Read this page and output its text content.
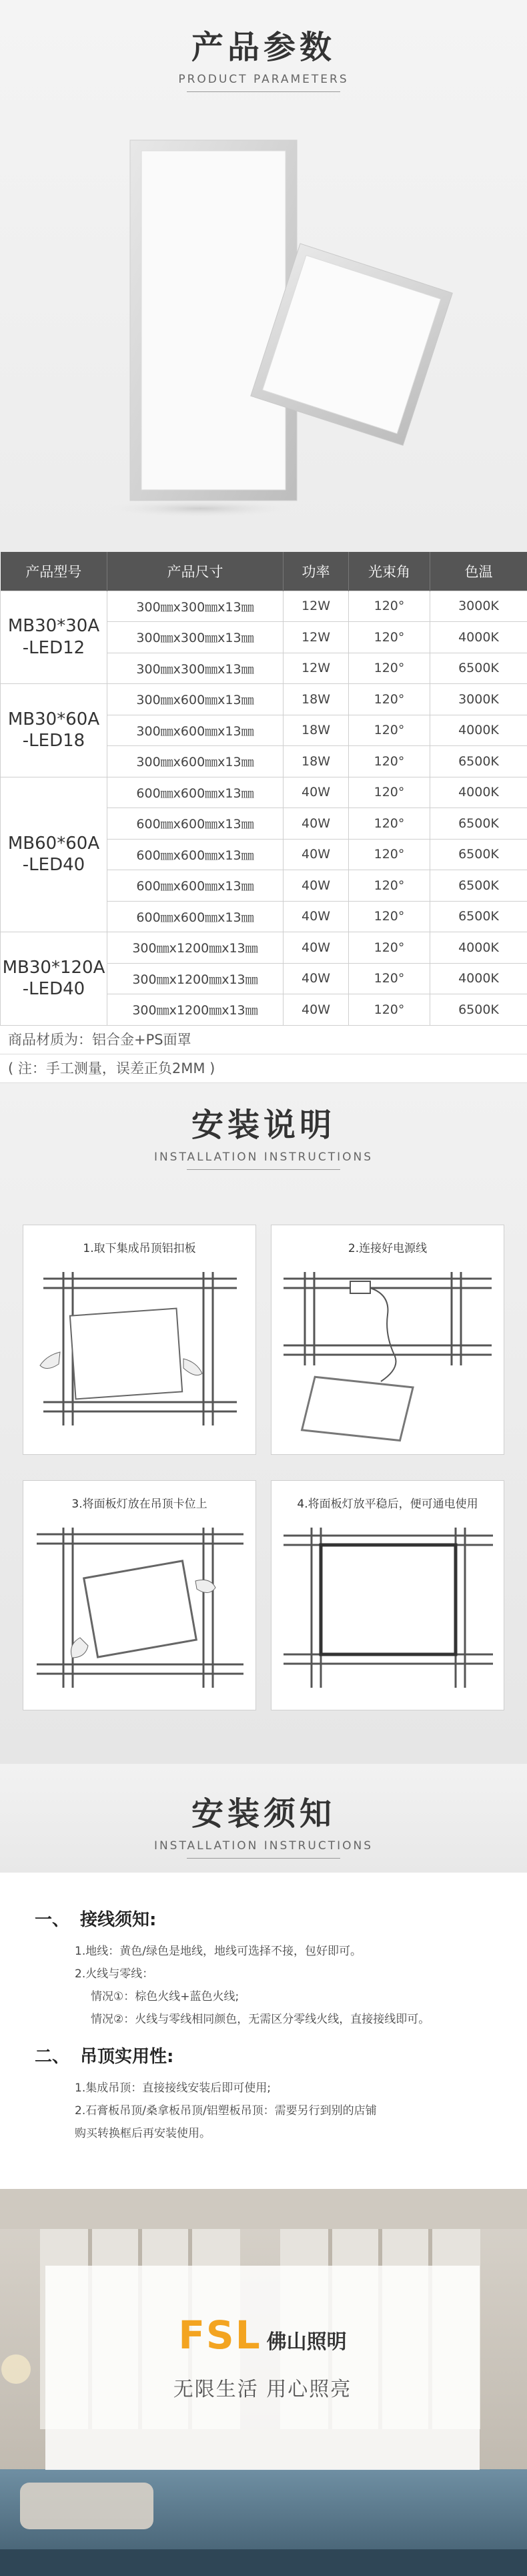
产品参数
PRODUCT PARAMETERS
产品型号	产品尺寸	功率	光束角	色温

MB30*30A
-LED12	300㎜x300㎜x13㎜	12W	120°	3000K
	300㎜x300㎜x13㎜	12W	120°	4000K
	300㎜x300㎜x13㎜	12W	120°	6500K

MB30*60A
-LED18	300㎜x600㎜x13㎜	18W	120°	3000K
	300㎜x600㎜x13㎜	18W	120°	4000K
	300㎜x600㎜x13㎜	18W	120°	6500K

MB60*60A
-LED40	600㎜x600㎜x13㎜	40W	120°	4000K
	600㎜x600㎜x13㎜	40W	120°	6500K
	600㎜x600㎜x13㎜	40W	120°	6500K
	600㎜x600㎜x13㎜	40W	120°	6500K
	600㎜x600㎜x13㎜	40W	120°	6500K

MB30*120A
-LED40	300㎜x1200㎜x13㎜	40W	120°	4000K
	300㎜x1200㎜x13㎜	40W	120°	4000K
	300㎜x1200㎜x13㎜	40W	120°	6500K
商品材质为：铝合金+PS面罩
( 注：手工测量，误差正负2MM )
安装说明
INSTALLATION INSTRUCTIONS
1.取下集成吊顶铝扣板	2.连接好电源线
3.将面板灯放在吊顶卡位上	4.将面板灯放平稳后，便可通电使用
安装须知
INSTALLATION INSTRUCTIONS
一、 接线须知:
1.地线：黄色/绿色是地线，地线可选择不接，包好即可。
2.火线与零线：
情况①：棕色火线+蓝色火线;
情况②：火线与零线相同颜色，无需区分零线火线，直接接线即可。
二、 吊顶实用性:
1.集成吊顶：直接接线安装后即可使用;
2.石膏板吊顶/桑拿板吊顶/铝塑板吊顶：需要另行到别的店铺
购买转换框后再安装使用。
FSL 佛山照明
无限生活 用心照亮
